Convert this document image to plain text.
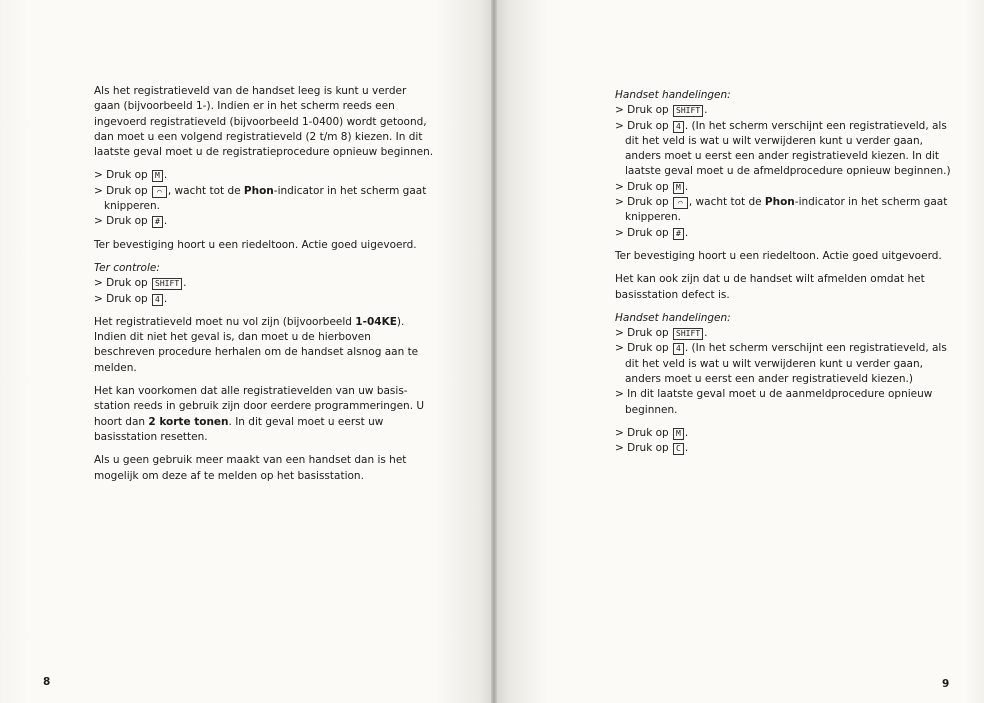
Als het registratieveld van de handset leeg is kunt u verder gaan (bijvoorbeeld 1-). Indien er in het scherm reeds een ingevoerd registratieveld (bijvoorbeeld 1-0400) wordt getoond, dan moet u een volgend registratieveld (2 t/m 8) kiezen. In dit laatste geval moet u de registratieprocedure opnieuw beginnen.

> Druk op M .
> Druk op ⌒ , wacht tot de Phon-indicator in het scherm gaat knipperen.
> Druk op # .

Ter bevestiging hoort u een riedeltoon. Actie goed uigevoerd.

Ter controle:
> Druk op SHIFT .
> Druk op 4 .

Het registratieveld moet nu vol zijn (bijvoorbeeld 1-04KE). Indien dit niet het geval is, dan moet u de hierboven beschreven procedure herhalen om de handset alsnog aan te melden.

Het kan voorkomen dat alle registratievelden van uw basis-station reeds in gebruik zijn door eerdere programmeringen. U hoort dan 2 korte tonen. In dit geval moet u eerst uw basisstation resetten.

Als u geen gebruik meer maakt van een handset dan is het mogelijk om deze af te melden op het basisstation.

8
Handset handelingen:
> Druk op SHIFT .
> Druk op 4 . (In het scherm verschijnt een registratieveld, als dit het veld is wat u wilt verwijderen kunt u verder gaan, anders moet u eerst een ander registratieveld kiezen. In dit laatste geval moet u de afmeldprocedure opnieuw beginnen.)
> Druk op M .
> Druk op ⌒ , wacht tot de Phon-indicator in het scherm gaat knipperen.
> Druk op # .

Ter bevestiging hoort u een riedeltoon. Actie goed uitgevoerd.

Het kan ook zijn dat u de handset wilt afmelden omdat het basisstation defect is.

Handset handelingen:
> Druk op SHIFT .
> Druk op 4 . (In het scherm verschijnt een registratieveld, als dit het veld is wat u wilt verwijderen kunt u verder gaan, anders moet u eerst een ander registratieveld kiezen.)
> In dit laatste geval moet u de aanmeldprocedure opnieuw beginnen.
> Druk op M .
> Druk op C .
9
